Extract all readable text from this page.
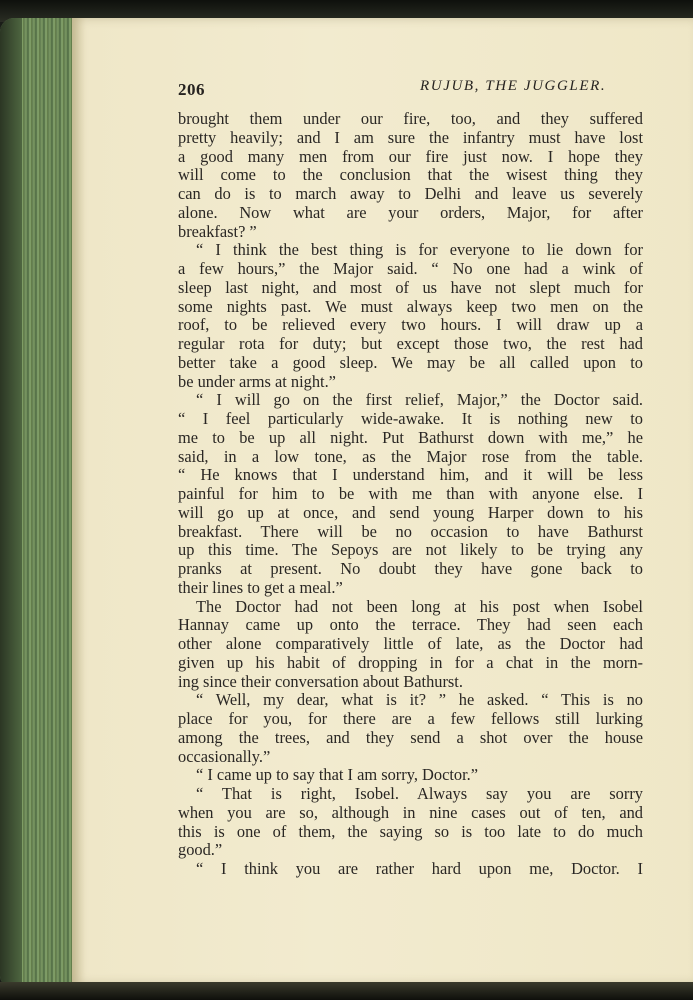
206	RUJUB, THE JUGGLER.
brought them under our fire, too, and they suffered
pretty heavily; and I am sure the infantry must have lost
a good many men from our fire just now. I hope they
will come to the conclusion that the wisest thing they
can do is to march away to Delhi and leave us severely
alone. Now what are your orders, Major, for after
breakfast? ”
“ I think the best thing is for everyone to lie down for
a few hours,” the Major said. “ No one had a wink of
sleep last night, and most of us have not slept much for
some nights past. We must always keep two men on the
roof, to be relieved every two hours. I will draw up a
regular rota for duty; but except those two, the rest had
better take a good sleep. We may be all called upon to
be under arms at night.”
“ I will go on the first relief, Major,” the Doctor said.
“ I feel particularly wide-awake. It is nothing new to
me to be up all night. Put Bathurst down with me,” he
said, in a low tone, as the Major rose from the table.
“ He knows that I understand him, and it will be less
painful for him to be with me than with anyone else. I
will go up at once, and send young Harper down to his
breakfast. There will be no occasion to have Bathurst
up this time. The Sepoys are not likely to be trying any
pranks at present. No doubt they have gone back to
their lines to get a meal.”
The Doctor had not been long at his post when Isobel
Hannay came up onto the terrace. They had seen each
other alone comparatively little of late, as the Doctor had
given up his habit of dropping in for a chat in the morn-
ing since their conversation about Bathurst.
“ Well, my dear, what is it? ” he asked. “ This is no
place for you, for there are a few fellows still lurking
among the trees, and they send a shot over the house
occasionally.”
“ I came up to say that I am sorry, Doctor.”
“ That is right, Isobel. Always say you are sorry
when you are so, although in nine cases out of ten, and
this is one of them, the saying so is too late to do much
good.”
“ I think you are rather hard upon me, Doctor. I
